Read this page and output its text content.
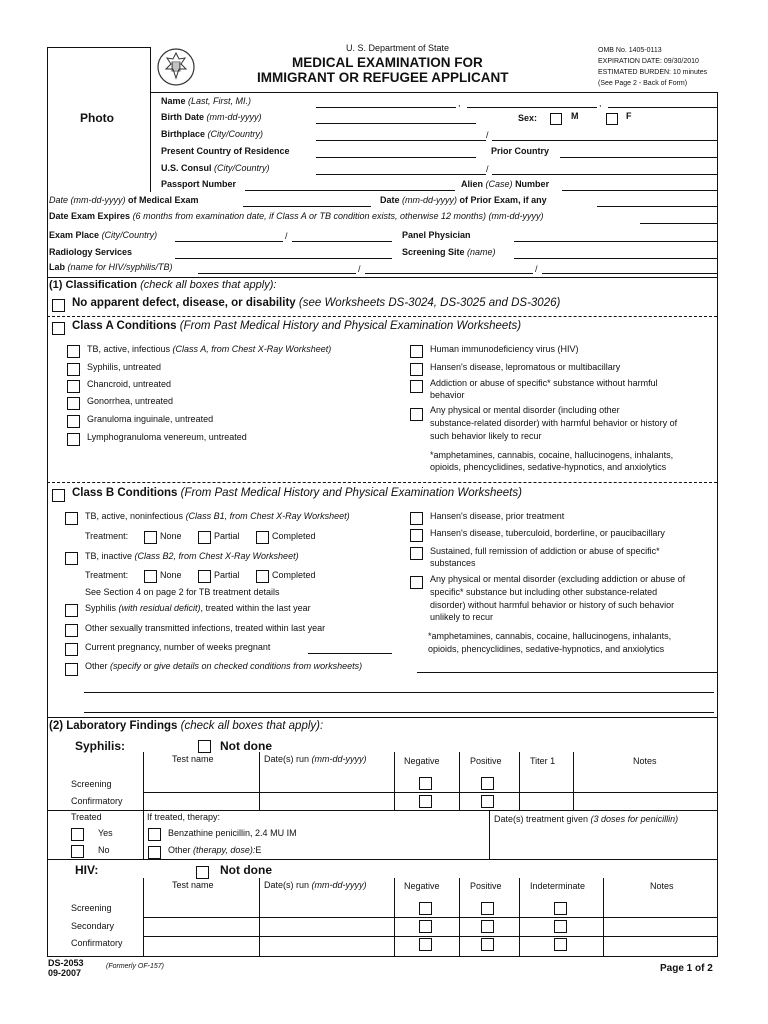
Photo
U. S. Department of State
MEDICAL EXAMINATION FOR
IMMIGRANT OR REFUGEE APPLICANT
OMB No. 1405-0113
EXPIRATION DATE: 09/30/2010
ESTIMATED BURDEN: 10 minutes
(See Page 2 - Back of Form)
Name (Last, First, MI.)	,	,
Birth Date (mm-dd-yyyy)	Sex:	M	F
Birthplace (City/Country)	/
Present Country of Residence	Prior Country
U.S. Consul (City/Country)	/
Passport Number	Alien (Case) Number
Date (mm-dd-yyyy) of Medical Exam	Date (mm-dd-yyyy) of Prior Exam, if any
Date Exam Expires (6 months from examination date, if Class A or TB condition exists, otherwise 12 months) (mm-dd-yyyy)
Exam Place (City/Country)	/	Panel Physician
Radiology Services	Screening Site (name)
Lab (name for HIV/syphilis/TB)	/	/
(1) Classification (check all boxes that apply):
No apparent defect, disease, or disability (see Worksheets DS-3024, DS-3025 and DS-3026)
Class A Conditions (From Past Medical History and Physical Examination Worksheets)
TB, active, infectious (Class A, from Chest X-Ray Worksheet)
Syphilis, untreated
Chancroid, untreated
Gonorrhea, untreated
Granuloma inguinale, untreated
Lymphogranuloma venereum, untreated
Human immunodeficiency virus (HIV)
Hansen's disease, lepromatous or multibacillary
Addiction or abuse of specific* substance without harmful
behavior
Any physical or mental disorder (including other
substance-related disorder) with harmful behavior or history of
such behavior likely to recur
*amphetamines, cannabis, cocaine, hallucinogens, inhalants,
opioids, phencyclidines, sedative-hypnotics, and anxiolytics
Class B Conditions (From Past Medical History and Physical Examination Worksheets)
TB, active, noninfectious (Class B1, from Chest X-Ray Worksheet)
Treatment:	None	Partial	Completed
TB, inactive (Class B2, from Chest X-Ray Worksheet)
Treatment:	None	Partial	Completed
See Section 4 on page 2 for TB treatment details
Syphilis (with residual deficit), treated within the last year
Other sexually transmitted infections, treated within last year
Current pregnancy, number of weeks pregnant
Other (specify or give details on checked conditions from worksheets)
Hansen's disease, prior treatment
Hansen's disease, tuberculoid, borderline, or paucibacillary
Sustained, full remission of addiction or abuse of specific*
substances
Any physical or mental disorder (excluding addiction or abuse of
specific* substance but including other substance-related
disorder) without harmful behavior or history of such behavior
unlikely to recur
*amphetamines, cannabis, cocaine, hallucinogens, inhalants,
opioids, phencyclidines, sedative-hypnotics, and anxiolytics
(2) Laboratory Findings (check all boxes that apply):
Syphilis:	Not done
Test name	Date(s) run (mm-dd-yyyy)	Negative	Positive	Titer 1	Notes
Screening
Confirmatory
Treated
Yes
No
If treated, therapy:
Benzathine penicillin, 2.4 MU IM
Other (therapy, dose):E
Date(s) treatment given (3 doses for penicillin)
HIV:	Not done
Test name	Date(s) run (mm-dd-yyyy)	Negative	Positive	Indeterminate	Notes
Screening
Secondary
Confirmatory
DS-2053
09-2007
(Formerly OF-157)	Page 1 of 2
